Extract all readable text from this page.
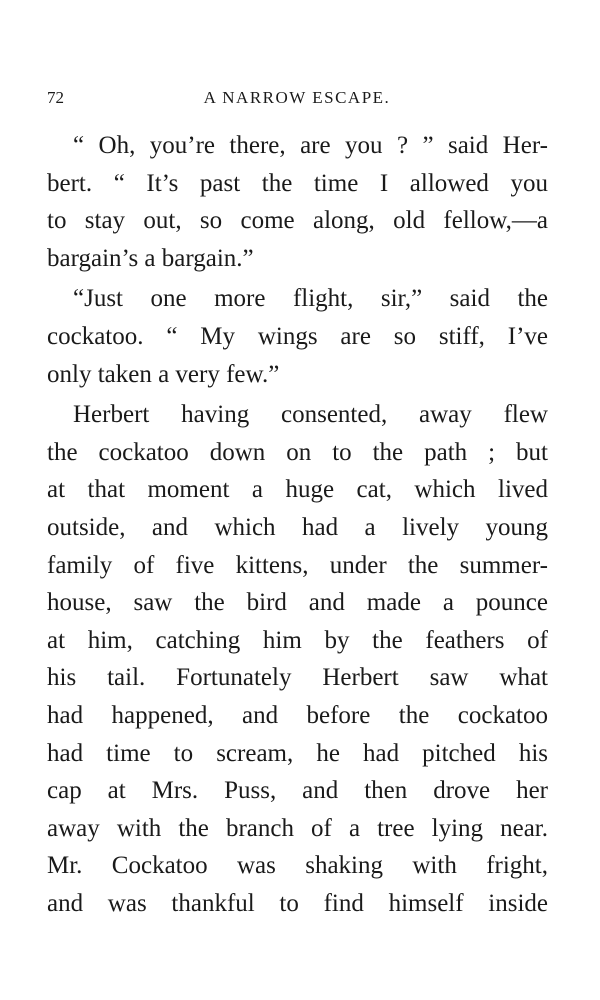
72	A NARROW ESCAPE.
“ Oh, you’re there, are you ? ” said Her-
bert. “ It’s past the time I allowed you
to stay out, so come along, old fellow,—a
bargain’s a bargain.”
“Just one more flight, sir,” said the
cockatoo. “ My wings are so stiff, I’ve
only taken a very few.”
Herbert having consented, away flew
the cockatoo down on to the path ; but
at that moment a huge cat, which lived
outside, and which had a lively young
family of five kittens, under the summer-
house, saw the bird and made a pounce
at him, catching him by the feathers of
his tail. Fortunately Herbert saw what
had happened, and before the cockatoo
had time to scream, he had pitched his
cap at Mrs. Puss, and then drove her
away with the branch of a tree lying near.
Mr. Cockatoo was shaking with fright,
and was thankful to find himself inside
